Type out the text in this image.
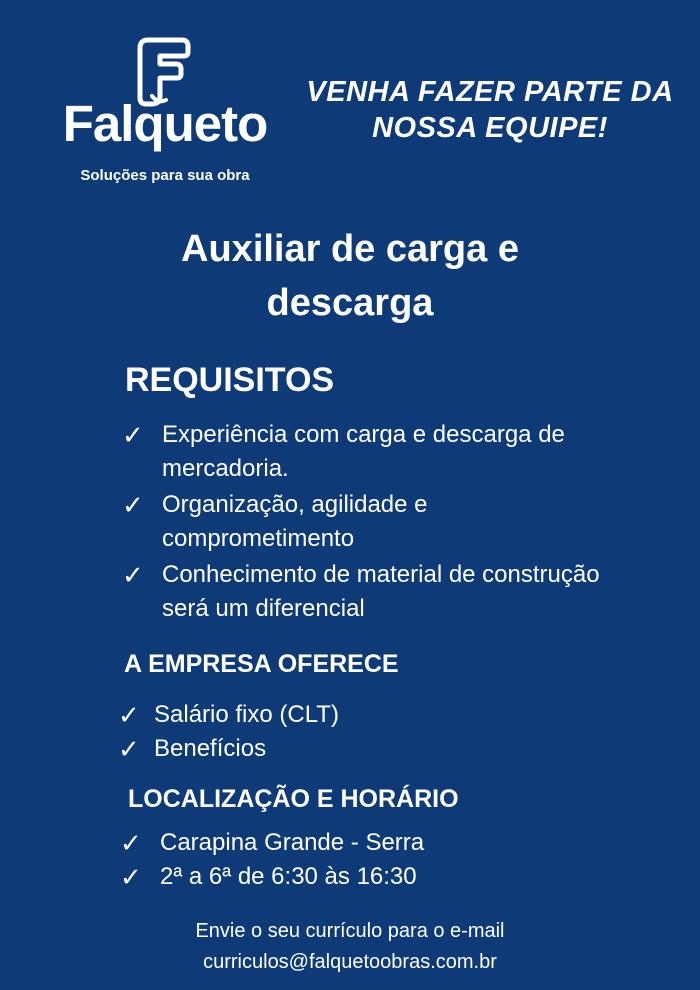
Falqueto
Soluções para sua obra
VENHA FAZER PARTE DA NOSSA EQUIPE!
Auxiliar de carga e descarga
REQUISITOS
✓ Experiência com carga e descarga de mercadoria.
✓ Organização, agilidade e comprometimento
✓ Conhecimento de material de construção será um diferencial
A EMPRESA OFERECE
✓ Salário fixo (CLT)
✓ Benefícios
LOCALIZAÇÃO E HORÁRIO
✓ Carapina Grande - Serra
✓ 2ª a 6ª de 6:30 às 16:30
Envie o seu currículo para o e-mail
curriculos@falquetoobras.com.br
